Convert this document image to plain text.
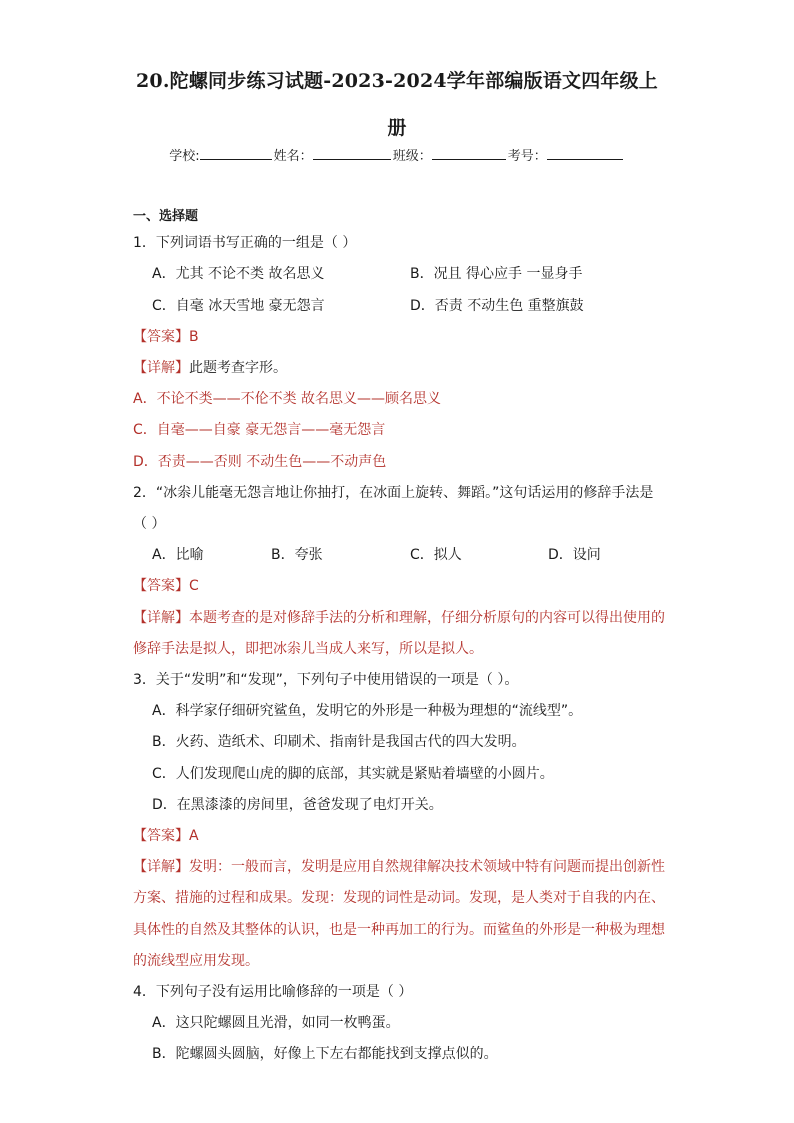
20.陀螺同步练习试题-2023-2024学年部编版语文四年级上
册
学校:	姓名：	班级：	考号：
一、选择题
1．下列词语书写正确的一组是（ ）
A．尤其 不论不类 故名思义	B．况且 得心应手 一显身手
C．自毫 冰天雪地 豪无怨言	D．否责 不动生色 重整旗鼓
【答案】B
【详解】此题考查字形。
A．不论不类——不伦不类 故名思义——顾名思义
C．自毫——自豪 豪无怨言——毫无怨言
D．否责——否则 不动生色——不动声色
2．“冰尜儿能毫无怨言地让你抽打，在冰面上旋转、舞蹈。”这句话运用的修辞手法是
（ ）
A．比喻	B．夸张	C．拟人	D．设问
【答案】C
【详解】本题考查的是对修辞手法的分析和理解，仔细分析原句的内容可以得出使用的
修辞手法是拟人，即把冰尜儿当成人来写，所以是拟人。
3．关于“发明”和“发现”，下列句子中使用错误的一项是（ ）。
A．科学家仔细研究鲨鱼，发明它的外形是一种极为理想的“流线型”。
B．火药、造纸术、印刷术、指南针是我国古代的四大发明。
C．人们发现爬山虎的脚的底部，其实就是紧贴着墙壁的小圆片。
D．在黑漆漆的房间里，爸爸发现了电灯开关。
【答案】A
【详解】发明：一般而言，发明是应用自然规律解决技术领域中特有问题而提出创新性
方案、措施的过程和成果。发现：发现的词性是动词。发现，是人类对于自我的内在、
具体性的自然及其整体的认识，也是一种再加工的行为。而鲨鱼的外形是一种极为理想
的流线型应用发现。
4．下列句子没有运用比喻修辞的一项是（ ）
A．这只陀螺圆且光滑，如同一枚鸭蛋。
B．陀螺圆头圆脑，好像上下左右都能找到支撑点似的。
